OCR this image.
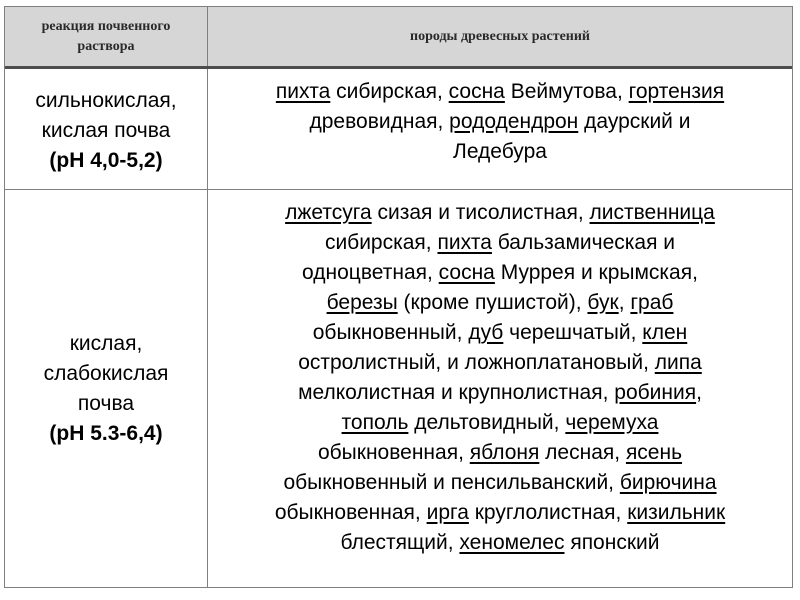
реакция почвенного
раствора
породы древесных растений
сильнокислая,
кислая почва
(pH 4,0-5,2)
пихта сибирская, сосна Веймутова, гортензия
древовидная, рододендрон даурский и
Ледебура
кислая,
слабокислая
почва
(pH 5.3-6,4)
лжетсуга сизая и тисолистная, лиственница
сибирская, пихта бальзамическая и
одноцветная, сосна Муррея и крымская,
березы (кроме пушистой), бук, граб
обыкновенный, дуб черешчатый, клен
остролистный, и ложноплатановый, липа
мелколистная и крупнолистная, робиния,
тополь дельтовидный, черемуха
обыкновенная, яблоня лесная, ясень
обыкновенный и пенсильванский, бирючина
обыкновенная, ирга круглолистная, кизильник
блестящий, хеномелес японский
